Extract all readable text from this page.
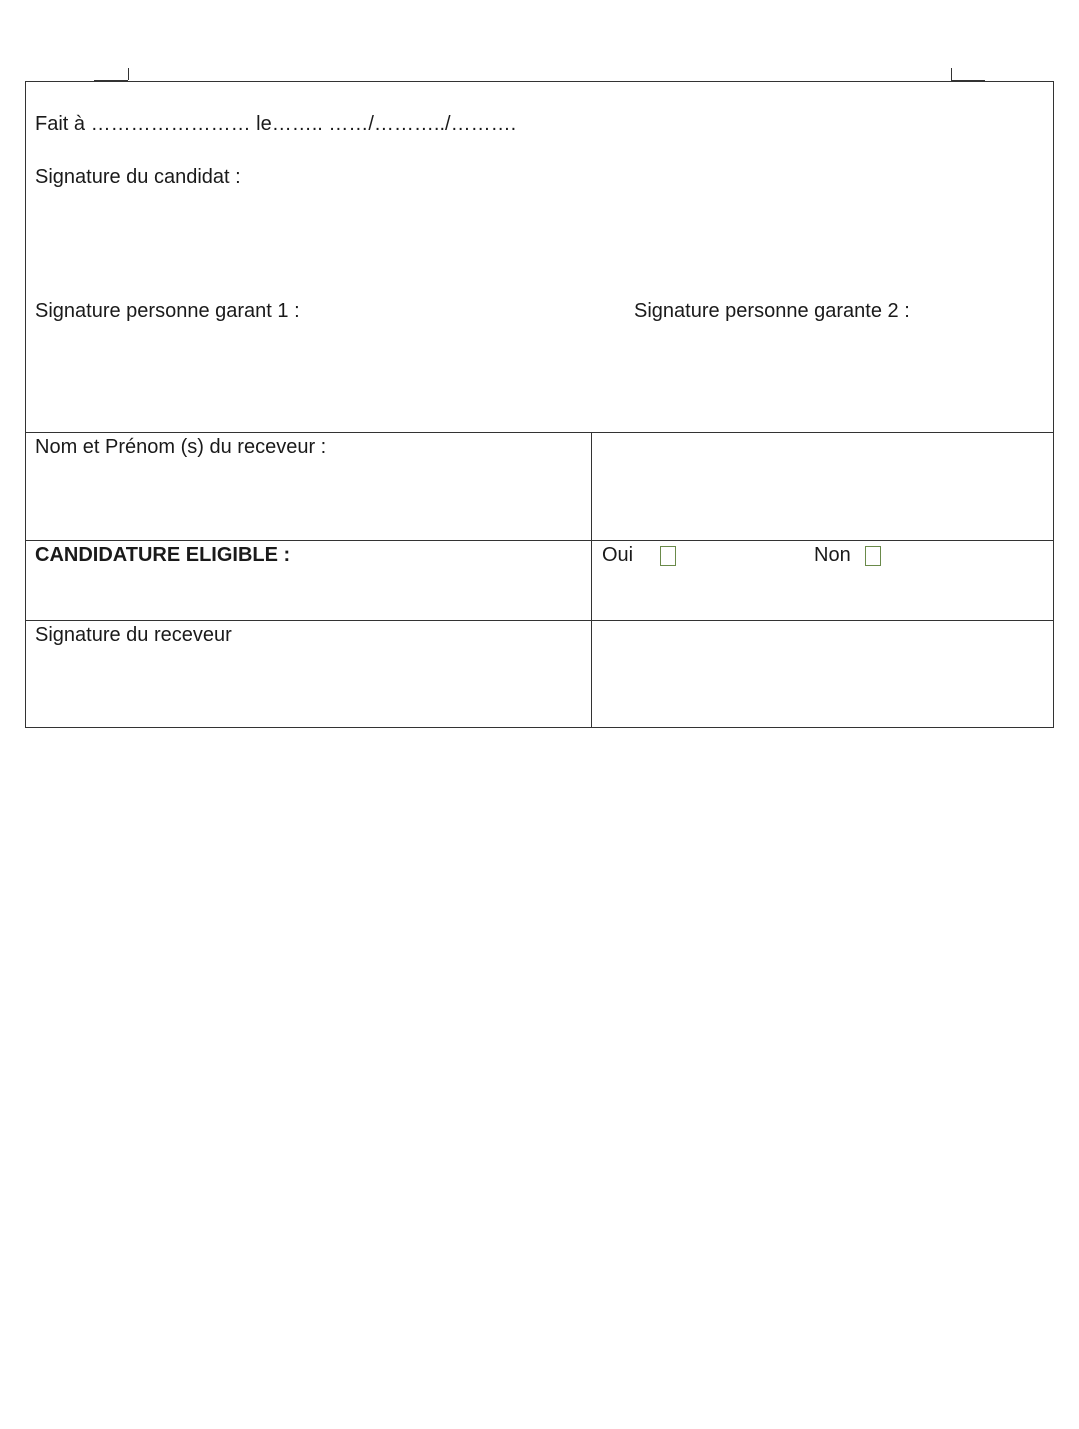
Fait à …………………… le…….. ……/………../……….
Signature du candidat :
Signature personne garant 1 :	Signature personne garante 2 :
Nom et Prénom (s) du receveur :
CANDIDATURE ELIGIBLE :	Oui	Non
Signature du receveur
